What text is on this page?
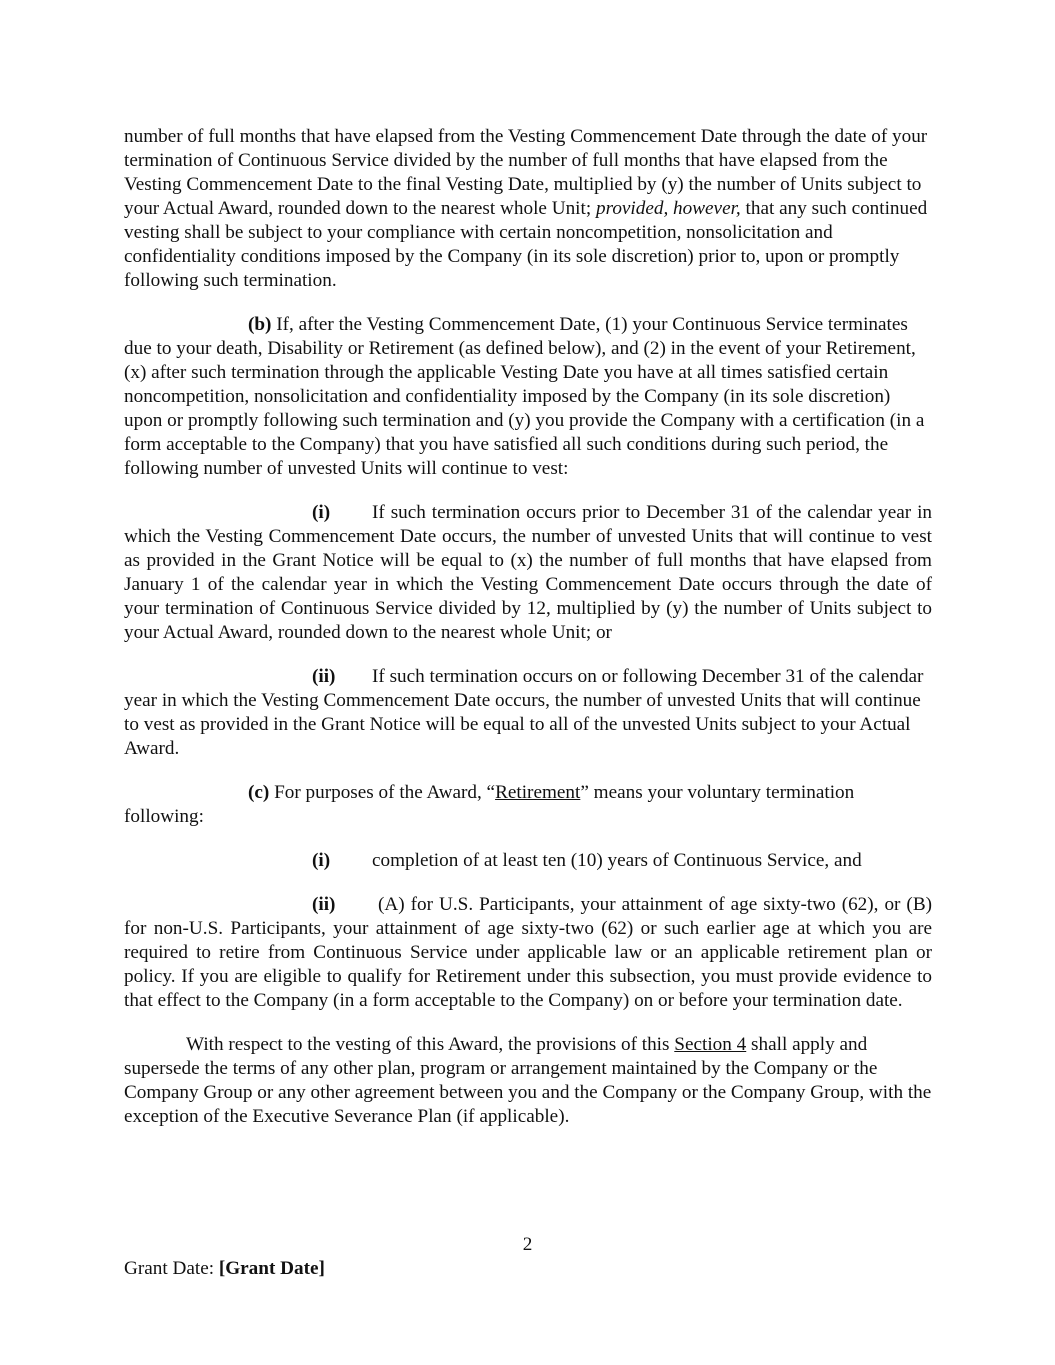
number of full months that have elapsed from the Vesting Commencement Date through the date of your termination of Continuous Service divided by the number of full months that have elapsed from the Vesting Commencement Date to the final Vesting Date, multiplied by (y) the number of Units subject to your Actual Award, rounded down to the nearest whole Unit; provided, however, that any such continued vesting shall be subject to your compliance with certain noncompetition, nonsolicitation and confidentiality conditions imposed by the Company (in its sole discretion) prior to, upon or promptly following such termination.

(b) If, after the Vesting Commencement Date, (1) your Continuous Service terminates due to your death, Disability or Retirement (as defined below), and (2) in the event of your Retirement, (x) after such termination through the applicable Vesting Date you have at all times satisfied certain noncompetition, nonsolicitation and confidentiality imposed by the Company (in its sole discretion) upon or promptly following such termination and (y) you provide the Company with a certification (in a form acceptable to the Company) that you have satisfied all such conditions during such period, the following number of unvested Units will continue to vest:

(i) If such termination occurs prior to December 31 of the calendar year in which the Vesting Commencement Date occurs, the number of unvested Units that will continue to vest as provided in the Grant Notice will be equal to (x) the number of full months that have elapsed from January 1 of the calendar year in which the Vesting Commencement Date occurs through the date of your termination of Continuous Service divided by 12, multiplied by (y) the number of Units subject to your Actual Award, rounded down to the nearest whole Unit; or

(ii) If such termination occurs on or following December 31 of the calendar year in which the Vesting Commencement Date occurs, the number of unvested Units that will continue to vest as provided in the Grant Notice will be equal to all of the unvested Units subject to your Actual Award.

(c) For purposes of the Award, “Retirement” means your voluntary termination following:

(i) completion of at least ten (10) years of Continuous Service, and

(ii) (A) for U.S. Participants, your attainment of age sixty-two (62), or (B) for non-U.S. Participants, your attainment of age sixty-two (62) or such earlier age at which you are required to retire from Continuous Service under applicable law or an applicable retirement plan or policy. If you are eligible to qualify for Retirement under this subsection, you must provide evidence to that effect to the Company (in a form acceptable to the Company) on or before your termination date.

With respect to the vesting of this Award, the provisions of this Section 4 shall apply and supersede the terms of any other plan, program or arrangement maintained by the Company or the Company Group or any other agreement between you and the Company or the Company Group, with the exception of the Executive Severance Plan (if applicable).

2
Grant Date: [Grant Date]
